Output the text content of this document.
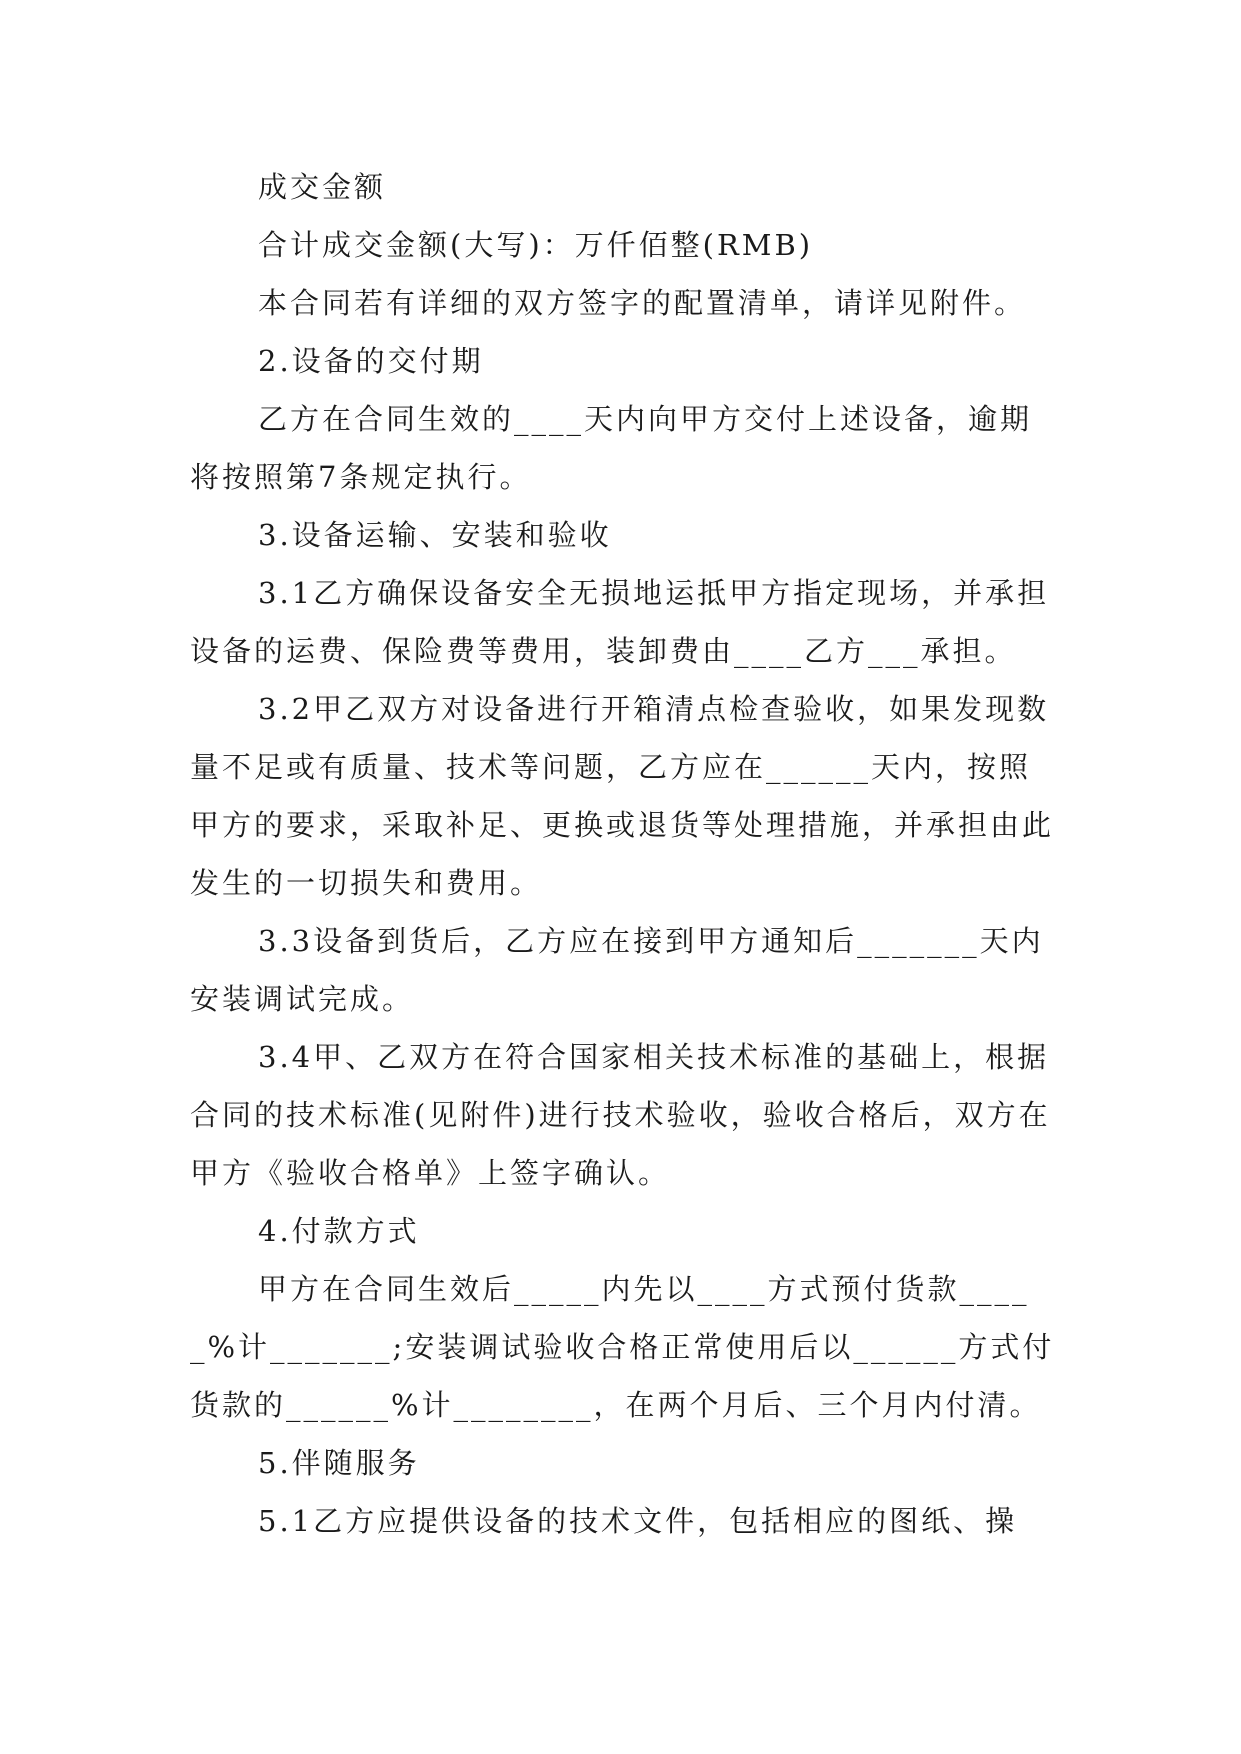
成交金额

合计成交金额(大写)：万仟佰整(RMB)

本合同若有详细的双方签字的配置清单，请详见附件。

2.设备的交付期

乙方在合同生效的____天内向甲方交付上述设备，逾期将按照第7条规定执行。

3.设备运输、安装和验收

3.1乙方确保设备安全无损地运抵甲方指定现场，并承担设备的运费、保险费等费用，装卸费由____乙方___承担。

3.2甲乙双方对设备进行开箱清点检查验收，如果发现数量不足或有质量、技术等问题，乙方应在______天内，按照甲方的要求，采取补足、更换或退货等处理措施，并承担由此发生的一切损失和费用。

3.3设备到货后，乙方应在接到甲方通知后_______天内安装调试完成。

3.4甲、乙双方在符合国家相关技术标准的基础上，根据合同的技术标准(见附件)进行技术验收，验收合格后，双方在甲方《验收合格单》上签字确认。

4.付款方式

甲方在合同生效后_____内先以____方式预付货款_____%计_______;安装调试验收合格正常使用后以______方式付货款的______%计________，在两个月后、三个月内付清。

5.伴随服务

5.1乙方应提供设备的技术文件，包括相应的图纸、操
